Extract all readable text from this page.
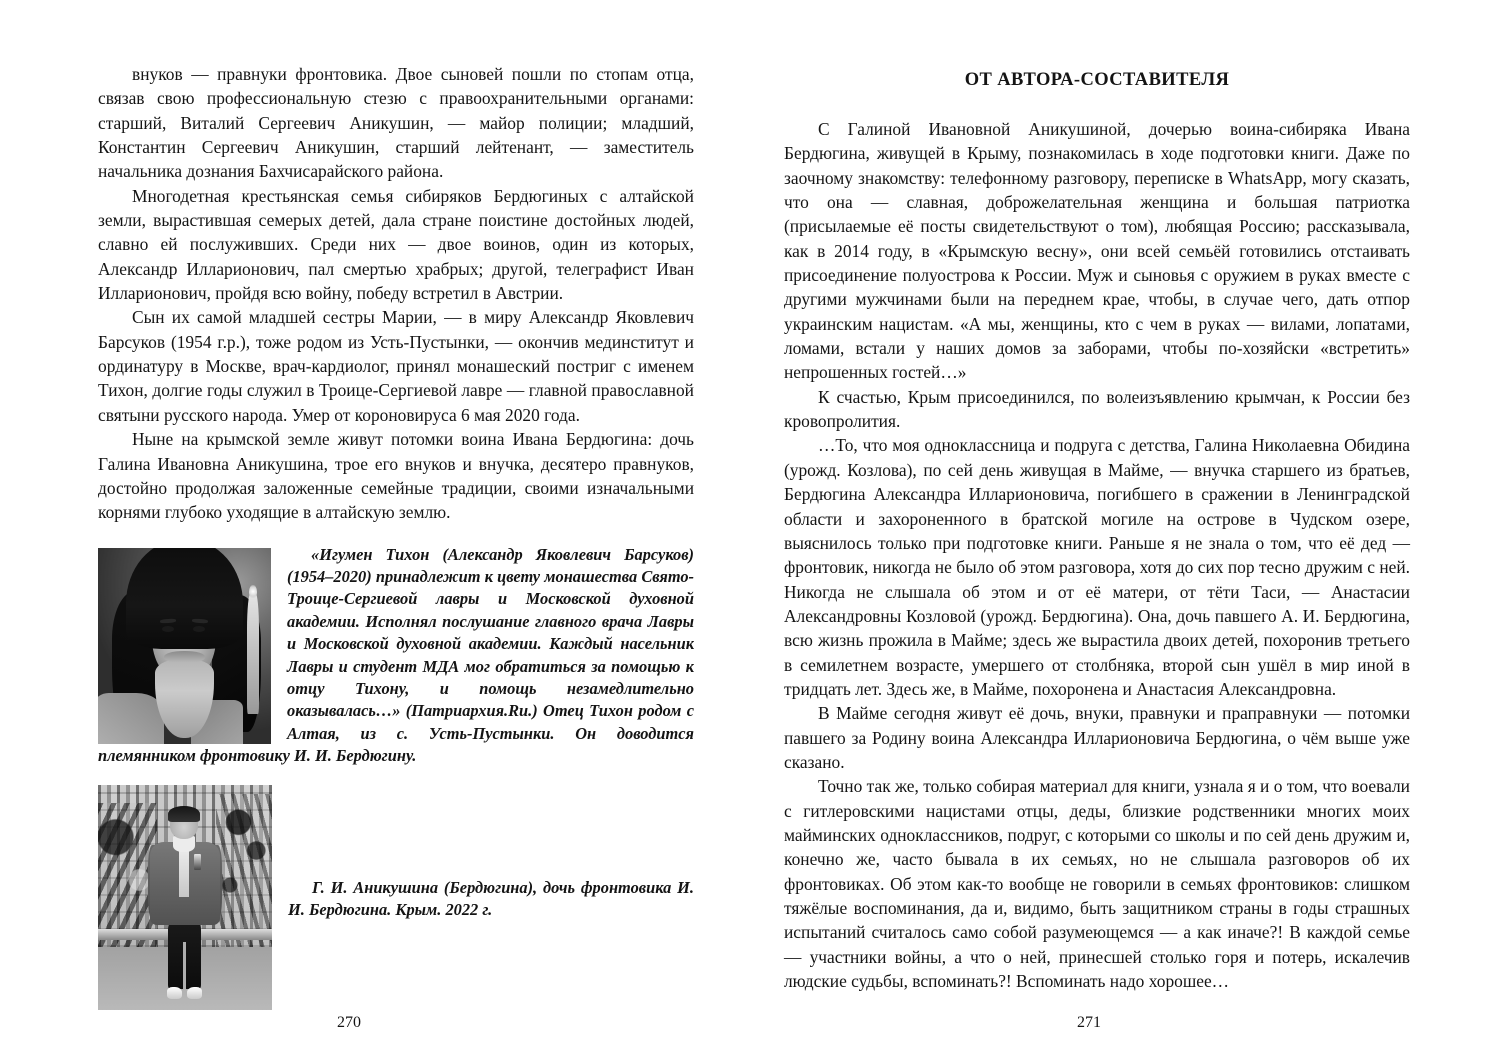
внуков — правнуки фронтовика. Двое сыновей пошли по стопам отца, связав свою профессиональную стезю с правоохранительными органами: старший, Виталий Сергеевич Аникушин, — майор полиции; младший, Константин Сергеевич Аникушин, старший лейтенант, — заместитель начальника дознания Бахчисарайского района.

Многодетная крестьянская семья сибиряков Бердюгиных с алтайской земли, вырастившая семерых детей, дала стране поистине достойных людей, славно ей послуживших. Среди них — двое воинов, один из которых, Александр Илларионович, пал смертью храбрых; другой, телеграфист Иван Илларионович, пройдя всю войну, победу встретил в Австрии.

Сын их самой младшей сестры Марии, — в миру Александр Яковлевич Барсуков (1954 г.р.), тоже родом из Усть-Пустынки, — окончив мединститут и ординатуру в Москве, врач-кардиолог, принял монашеский постриг с именем Тихон, долгие годы служил в Троице-Сергиевой лавре — главной православной святыни русского народа. Умер от короновируса 6 мая 2020 года.

Ныне на крымской земле живут потомки воина Ивана Бердюгина: дочь Галина Ивановна Аникушина, трое его внуков и внучка, десятеро правнуков, достойно продолжая заложенные семейные традиции, своими изначальными корнями глубоко уходящие в алтайскую землю.

«Игумен Тихон (Александр Яковлевич Барсуков) (1954–2020) принадлежит к цвету монашества Свято-Троице-Сергиевой лавры и Московской духовной академии. Исполнял послушание главного врача Лавры и Московской духовной академии. Каждый насельник Лавры и студент МДА мог обратиться за помощью к отцу Тихону, и помощь незамедлительно оказывалась…» (Патриархия.Ru.) Отец Тихон родом с Алтая, из с. Усть-Пустынки. Он доводится племянником фронтовику И. И. Бердюгину.
Г. И. Аникушина (Бердюгина), дочь фронтовика И. И. Бердюгина. Крым. 2022 г.
270
ОТ АВТОРА-СОСТАВИТЕЛЯ

С Галиной Ивановной Аникушиной, дочерью воина-сибиряка Ивана Бердюгина, живущей в Крыму, познакомилась в ходе подготовки книги. Даже по заочному знакомству: телефонному разговору, переписке в WhatsApp, могу сказать, что она — славная, доброжелательная женщина и большая патриотка (присылаемые её посты свидетельствуют о том), любящая Россию; рассказывала, как в 2014 году, в «Крымскую весну», они всей семьёй готовились отстаивать присоединение полуострова к России. Муж и сыновья с оружием в руках вместе с другими мужчинами были на переднем крае, чтобы, в случае чего, дать отпор украинским нацистам. «А мы, женщины, кто с чем в руках — вилами, лопатами, ломами, встали у наших домов за заборами, чтобы по-хозяйски «встретить» непрошенных гостей…»

К счастью, Крым присоединился, по волеизъявлению крымчан, к России без кровопролития.

…То, что моя одноклассница и подруга с детства, Галина Николаевна Обидина (урожд. Козлова), по сей день живущая в Майме, — внучка старшего из братьев, Бердюгина Александра Илларионовича, погибшего в сражении в Ленинградской области и захороненного в братской могиле на острове в Чудском озере, выяснилось только при подготовке книги. Раньше я не знала о том, что её дед — фронтовик, никогда не было об этом разговора, хотя до сих пор тесно дружим с ней. Никогда не слышала об этом и от её матери, от тёти Таси, — Анастасии Александровны Козловой (урожд. Бердюгина). Она, дочь павшего А. И. Бердюгина, всю жизнь прожила в Майме; здесь же вырастила двоих детей, похоронив третьего в семилетнем возрасте, умершего от столбняка, второй сын ушёл в мир иной в тридцать лет. Здесь же, в Майме, похоронена и Анастасия Александровна.

В Майме сегодня живут её дочь, внуки, правнуки и праправнуки — потомки павшего за Родину воина Александра Илларионовича Бердюгина, о чём выше уже сказано.

Точно так же, только собирая материал для книги, узнала я и о том, что воевали с гитлеровскими нацистами отцы, деды, близкие родственники многих моих майминских одноклассников, подруг, с которыми со школы и по сей день дружим и, конечно же, часто бывала в их семьях, но не слышала разговоров об их фронтовиках. Об этом как-то вообще не говорили в семьях фронтовиков: слишком тяжёлые воспоминания, да и, видимо, быть защитником страны в годы страшных испытаний считалось само собой разумеющемся — а как иначе?! В каждой семье — участники войны, а что о ней, принесшей столько горя и потерь, искалечив людские судьбы, вспоминать?! Вспоминать надо хорошее…

271
